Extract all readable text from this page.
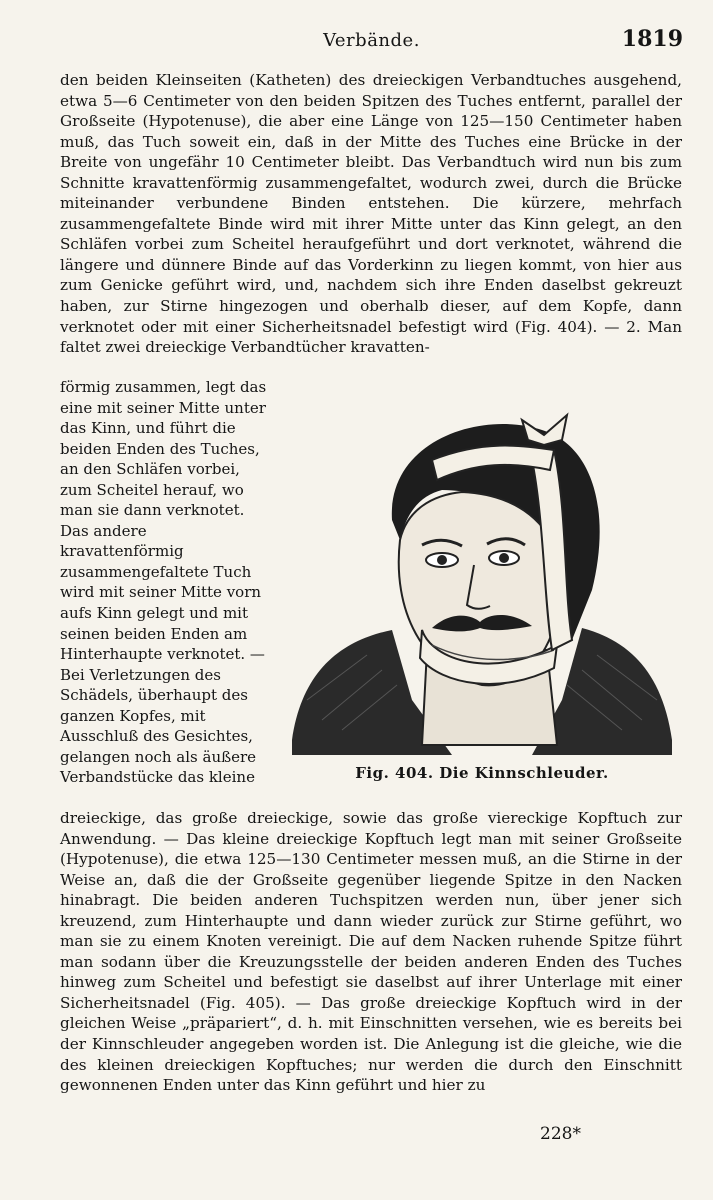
Verbände.	1819

den beiden Kleinseiten (Katheten) des dreieckigen Verbandtuches ausgehend, etwa 5—6 Centimeter von den beiden Spitzen des Tuches entfernt, parallel der Großseite (Hypotenuse), die aber eine Länge von 125—150 Centimeter haben muß, das Tuch soweit ein, daß in der Mitte des Tuches eine Brücke in der Breite von ungefähr 10 Centimeter bleibt. Das Verbandtuch wird nun bis zum Schnitte kravattenförmig zusammengefaltet, wodurch zwei, durch die Brücke miteinander verbundene Binden entstehen. Die kürzere, mehrfach zusammengefaltete Binde wird mit ihrer Mitte unter das Kinn gelegt, an den Schläfen vorbei zum Scheitel heraufgeführt und dort verknotet, während die längere und dünnere Binde auf das Vorderkinn zu liegen kommt, von hier aus zum Genicke geführt wird, und, nachdem sich ihre Enden daselbst gekreuzt haben, zur Stirne hingezogen und oberhalb dieser, auf dem Kopfe, dann verknotet oder mit einer Sicherheitsnadel befestigt wird (Fig. 404). — 2. Man faltet zwei dreieckige Verbandtücher kravatten-

förmig zusammen, legt das eine mit seiner Mitte unter das Kinn, und führt die beiden Enden des Tuches, an den Schläfen vorbei, zum Scheitel herauf, wo man sie dann verknotet. Das andere kravattenförmig zusammengefaltete Tuch wird mit seiner Mitte vorn aufs Kinn gelegt und mit seinen beiden Enden am Hinterhaupte verknotet. — Bei Verletzungen des Schädels, überhaupt des ganzen Kopfes, mit Ausschluß des Gesichtes, gelangen noch als äußere Verbandstücke das kleine	Fig. 404. Die Kinnschleuder.

dreieckige, das große dreieckige, sowie das große viereckige Kopftuch zur Anwendung. — Das kleine dreieckige Kopftuch legt man mit seiner Großseite (Hypotenuse), die etwa 125—130 Centimeter messen muß, an die Stirne in der Weise an, daß die der Großseite gegenüber liegende Spitze in den Nacken hinabragt. Die beiden anderen Tuchspitzen werden nun, über jener sich kreuzend, zum Hinterhaupte und dann wieder zurück zur Stirne geführt, wo man sie zu einem Knoten vereinigt. Die auf dem Nacken ruhende Spitze führt man sodann über die Kreuzungsstelle der beiden anderen Enden des Tuches hinweg zum Scheitel und befestigt sie daselbst auf ihrer Unterlage mit einer Sicherheitsnadel (Fig. 405). — Das große dreieckige Kopftuch wird in der gleichen Weise „präpariert“, d. h. mit Einschnitten versehen, wie es bereits bei der Kinnschleuder angegeben worden ist. Die Anlegung ist die gleiche, wie die des kleinen dreieckigen Kopftuches; nur werden die durch den Einschnitt gewonnenen Enden unter das Kinn geführt und hier zu

228*
